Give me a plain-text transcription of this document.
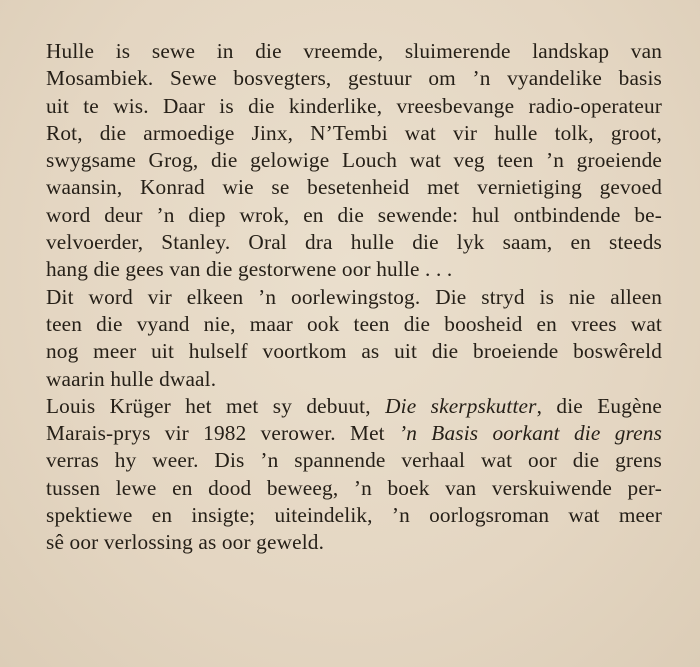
Hulle is sewe in die vreemde, sluimerende landskap van
Mosambiek. Sewe bosvegters, gestuur om ’n vyandelike basis
uit te wis. Daar is die kinderlike, vreesbevange radio-operateur
Rot, die armoedige Jinx, N’Tembi wat vir hulle tolk, groot,
swygsame Grog, die gelowige Louch wat veg teen ’n groeiende
waansin, Konrad wie se besetenheid met vernietiging gevoed
word deur ’n diep wrok, en die sewende: hul ontbindende be-
velvoerder, Stanley. Oral dra hulle die lyk saam, en steeds
hang die gees van die gestorwene oor hulle . . .
Dit word vir elkeen ’n oorlewingstog. Die stryd is nie alleen
teen die vyand nie, maar ook teen die boosheid en vrees wat
nog meer uit hulself voortkom as uit die broeiende boswêreld
waarin hulle dwaal.
Louis Krüger het met sy debuut, Die skerpskutter, die Eugène
Marais-prys vir 1982 verower. Met ’n Basis oorkant die grens
verras hy weer. Dis ’n spannende verhaal wat oor die grens
tussen lewe en dood beweeg, ’n boek van verskuiwende per-
spektiewe en insigte; uiteindelik, ’n oorlogsroman wat meer
sê oor verlossing as oor geweld.
